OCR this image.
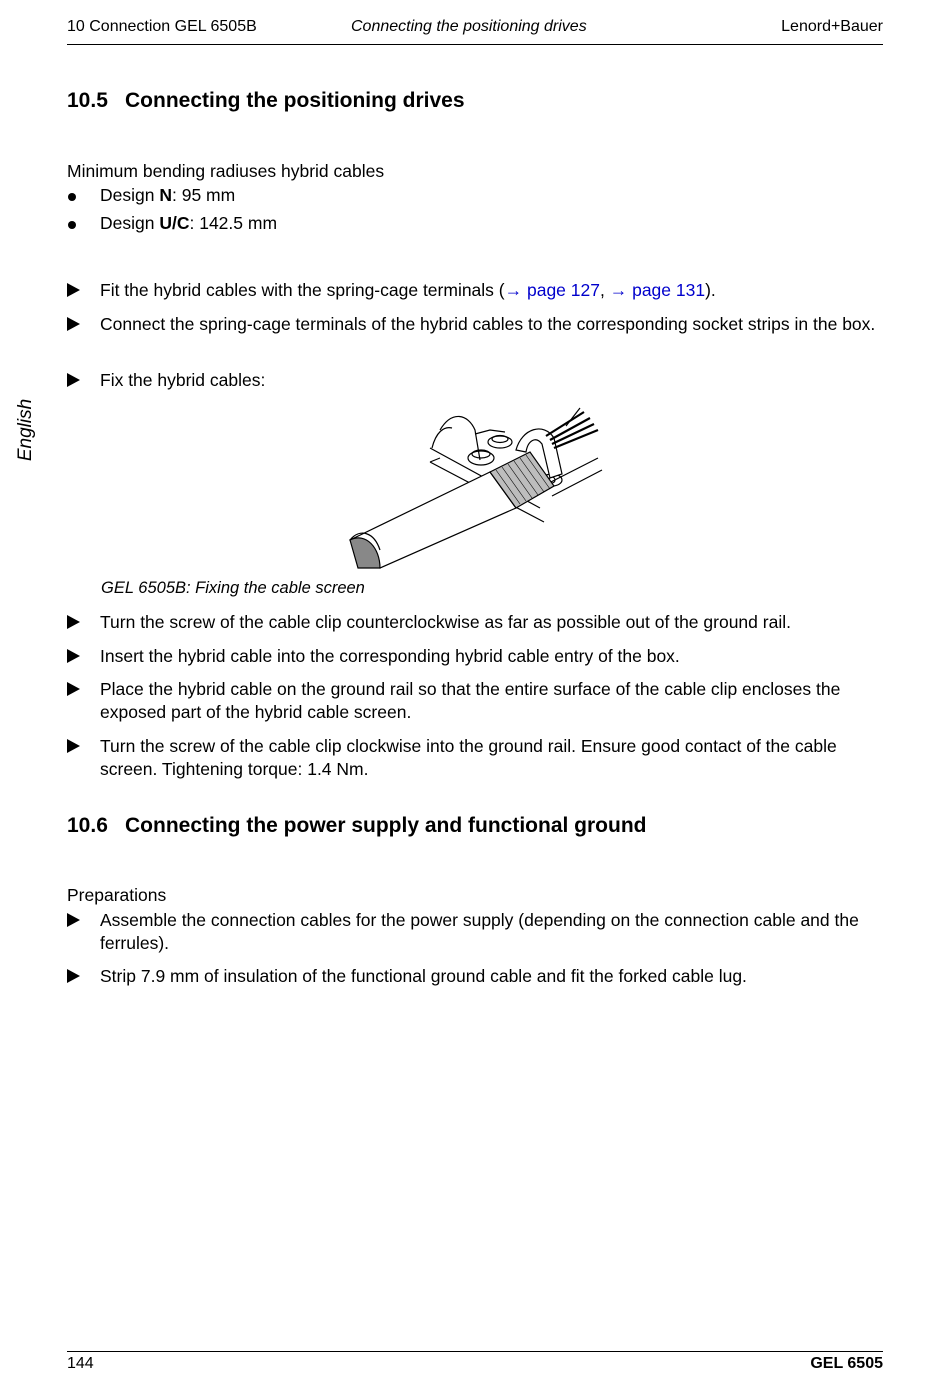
10 Connection GEL 6505B	Connecting the positioning drives	Lenord+Bauer
English
10.5 Connecting the positioning drives
Minimum bending radiuses hybrid cables
Design N: 95 mm
Design U/C: 142.5 mm
Fit the hybrid cables with the spring-cage terminals (→ page 127, → page 131).
Connect the spring-cage terminals of the hybrid cables to the corresponding socket strips in the box.
Fix the hybrid cables:
GEL 6505B: Fixing the cable screen
Turn the screw of the cable clip counterclockwise as far as possible out of the ground rail.
Insert the hybrid cable into the corresponding hybrid cable entry of the box.
Place the hybrid cable on the ground rail so that the entire surface of the cable clip encloses the exposed part of the hybrid cable screen.
Turn the screw of the cable clip clockwise into the ground rail. Ensure good contact of the cable screen. Tightening torque: 1.4 Nm.
10.6 Connecting the power supply and functional ground
Preparations
Assemble the connection cables for the power supply (depending on the connection cable and the ferrules).
Strip 7.9 mm of insulation of the functional ground cable and fit the forked cable lug.
144	GEL 6505
